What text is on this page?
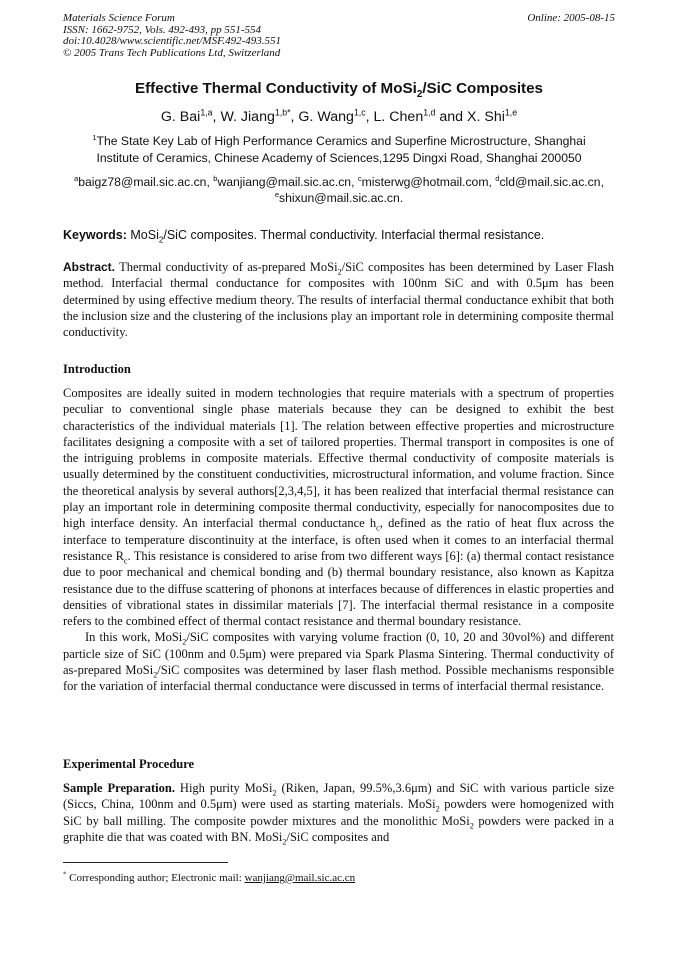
Materials Science Forum
ISSN: 1662-9752, Vols. 492-493, pp 551-554
doi:10.4028/www.scientific.net/MSF.492-493.551
© 2005 Trans Tech Publications Ltd, Switzerland
Online: 2005-08-15
Effective Thermal Conductivity of MoSi$_2$/SiC Composites
G. Bai$^{1,a}$, W. Jiang$^{1,b*}$, G. Wang$^{1,c}$, L. Chen$^{1,d}$ and X. Shi$^{1,e}$
$^1$The State Key Lab of High Performance Ceramics and Superfine Microstructure, Shanghai
Institute of Ceramics, Chinese Academy of Sciences,1295 Dingxi Road, Shanghai 200050
$^a$baigz78@mail.sic.ac.cn, $^b$wanjiang@mail.sic.ac.cn, $^c$misterwg@hotmail.com, $^d$cld@mail.sic.ac.cn,
$^e$shixun@mail.sic.ac.cn.
Keywords: MoSi$_2$/SiC composites. Thermal conductivity. Interfacial thermal resistance.
Abstract. Thermal conductivity of as-prepared MoSi$_2$/SiC composites has been determined by Laser Flash method. Interfacial thermal conductance for composites with 100nm SiC and with 0.5μm has been determined by using effective medium theory. The results of interfacial thermal conductance exhibit that both the inclusion size and the clustering of the inclusions play an important role in determining composite thermal conductivity.
Introduction
Composites are ideally suited in modern technologies that require materials with a spectrum of properties peculiar to conventional single phase materials because they can be designed to exhibit the best characteristics of the individual materials [1]. The relation between effective properties and microstructure facilitates designing a composite with a set of tailored properties. Thermal transport in composites is one of the intriguing problems in composite materials. Effective thermal conductivity of composite materials is usually determined by the constituent conductivities, microstructural information, and volume fraction. Since the theoretical analysis by several authors[2,3,4,5], it has been realized that interfacial thermal resistance can play an important role in determining composite thermal conductivity, especially for nanocomposites due to high interface density. An interfacial thermal conductance $h_c$, defined as the ratio of heat flux across the interface to temperature discontinuity at the interface, is often used when it comes to an interfacial thermal resistance $R_c$. This resistance is considered to arise from two different ways [6]: (a) thermal contact resistance due to poor mechanical and chemical bonding and (b) thermal boundary resistance, also known as Kapitza resistance due to the diffuse scattering of phonons at interfaces because of differences in elastic properties and densities of vibrational states in dissimilar materials [7]. The interfacial thermal resistance in a composite refers to the combined effect of thermal contact resistance and thermal boundary resistance.
In this work, MoSi$_2$/SiC composites with varying volume fraction (0, 10, 20 and 30vol%) and different particle size of SiC (100nm and 0.5μm) were prepared via Spark Plasma Sintering. Thermal conductivity of as-prepared MoSi$_2$/SiC composites was determined by laser flash method. Possible mechanisms responsible for the variation of interfacial thermal conductance were discussed in terms of interfacial thermal resistance.
Experimental Procedure
Sample Preparation. High purity MoSi$_2$ (Riken, Japan, 99.5%,3.6μm) and SiC with various particle size (Siccs, China, 100nm and 0.5μm) were used as starting materials. MoSi$_2$ powders were homogenized with SiC by ball milling. The composite powder mixtures and the monolithic MoSi$_2$ powders were packed in a graphite die that was coated with BN. MoSi$_2$/SiC composites and
* Corresponding author; Electronic mail: wanjiang@mail.sic.ac.cn
